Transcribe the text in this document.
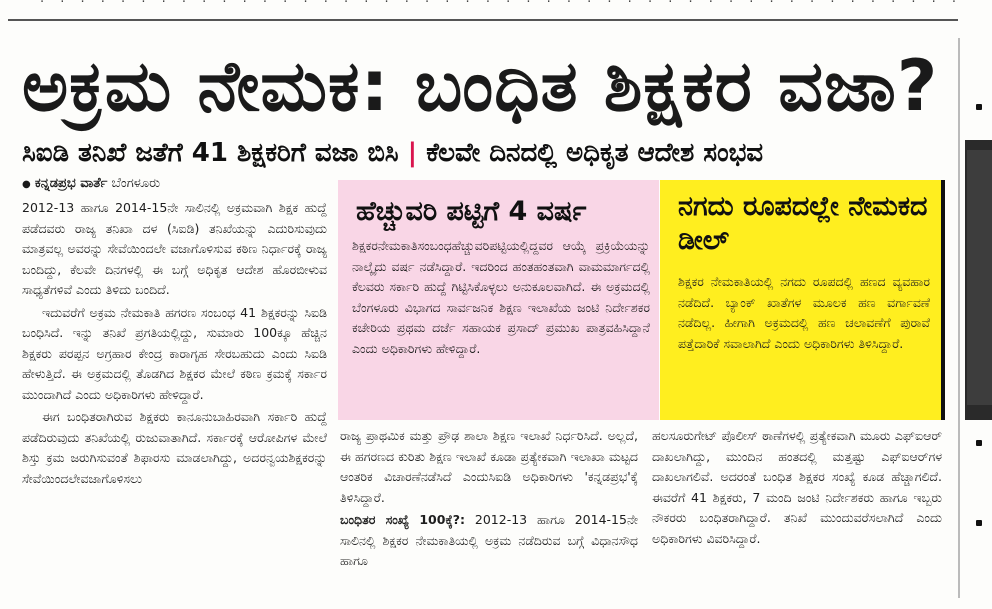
ಅಕ್ರಮ ನೇಮಕ: ಬಂಧಿತ ಶಿಕ್ಷಕರ ವಜಾ?
ಸಿಐಡಿ ತನಿಖೆ ಜತೆಗೆ 41 ಶಿಕ್ಷಕರಿಗೆ ವಜಾ ಬಿಸಿ | ಕೆಲವೇ ದಿನದಲ್ಲಿ ಅಧಿಕೃತ ಆದೇಶ ಸಂಭವ
● ಕನ್ನಡಪ್ರಭ ವಾರ್ತೆ ಬೆಂಗಳೂರು

2012-13 ಹಾಗೂ 2014-15ನೇ ಸಾಲಿನಲ್ಲಿ ಅಕ್ರಮವಾಗಿ ಶಿಕ್ಷಕ ಹುದ್ದೆ ಪಡೆದವರು ರಾಜ್ಯ ತನಿಖಾ ದಳ (ಸಿಐಡಿ) ತನಿಖೆಯನ್ನು ಎದುರಿಸುವುದು ಮಾತ್ರವಲ್ಲ ಅವರನ್ನು ಸೇವೆಯಿಂದಲೇ ವಜಾಗೊಳಿಸುವ ಕಠಿಣ ನಿರ್ಧಾರಕ್ಕೆ ರಾಜ್ಯ ಬಂದಿದ್ದು, ಕೆಲವೇ ದಿನಗಳಲ್ಲಿ ಈ ಬಗ್ಗೆ ಅಧಿಕೃತ ಆದೇಶ ಹೊರಬೀಳುವ ಸಾಧ್ಯತೆಗಳಿವೆ ಎಂದು ತಿಳಿದು ಬಂದಿದೆ.

ಇದುವರೆಗೆ ಅಕ್ರಮ ನೇಮಕಾತಿ ಹಗರಣ ಸಂಬಂಧ 41 ಶಿಕ್ಷಕರನ್ನು ಸಿಐಡಿ ಬಂಧಿಸಿದೆ. ಇನ್ನು ತನಿಖೆ ಪ್ರಗತಿಯಲ್ಲಿದ್ದು, ಸುಮಾರು 100ಕ್ಕೂ ಹೆಚ್ಚಿನ ಶಿಕ್ಷಕರು ಪರಪ್ಪನ ಅಗ್ರಹಾರ ಕೇಂದ್ರ ಕಾರಾಗೃಹ ಸೇರಬಹುದು ಎಂದು ಸಿಐಡಿ ಹೇಳುತ್ತಿದೆ. ಈ ಅಕ್ರಮದಲ್ಲಿ ತೊಡಗಿದ ಶಿಕ್ಷಕರ ಮೇಲೆ ಕಠಿಣ ಕ್ರಮಕ್ಕೆ ಸರ್ಕಾರ ಮುಂದಾಗಿದೆ ಎಂದು ಅಧಿಕಾರಿಗಳು ಹೇಳಿದ್ದಾರೆ.

ಈಗ ಬಂಧಿತರಾಗಿರುವ ಶಿಕ್ಷಕರು ಕಾನೂನುಬಾಹಿರವಾಗಿ ಸರ್ಕಾರಿ ಹುದ್ದೆ ಪಡೆದಿರುವುದು ತನಿಖೆಯಲ್ಲಿ ರುಜುವಾತಾಗಿದೆ. ಸರ್ಕಾರಕ್ಕೆ ಆರೋಪಿಗಳ ಮೇಲೆ ಶಿಸ್ತು ಕ್ರಮ ಜರುಗಿಸುವಂತೆ ಶಿಫಾರಸು ಮಾಡಲಾಗಿದ್ದು, ಅದರನ್ವಯಶಿಕ್ಷಕರನ್ನು ಸೇವೆಯಿಂದಲೇವಜಾಗೊಳಿಸಲು

ಹೆಚ್ಚುವರಿ ಪಟ್ಟಿಗೆ 4 ವರ್ಷ
ಶಿಕ್ಷಕರನೇಮಕಾತಿಸಂಬಂಧಹೆಚ್ಚುವರಿಪಟ್ಟಿಯಲ್ಲಿದ್ದವರ ಆಯ್ಕೆ ಪ್ರಕ್ರಿಯೆಯನ್ನು ನಾಲ್ಕೈದು ವರ್ಷ ನಡೆಸಿದ್ದಾರೆ. ಇದರಿಂದ ಹಂತಹಂತವಾಗಿ ವಾಮಮಾರ್ಗದಲ್ಲಿ ಕೆಲವರು ಸರ್ಕಾರಿ ಹುದ್ದೆ ಗಿಟ್ಟಿಸಿಕೊಳ್ಳಲು ಅನುಕೂಲವಾಗಿದೆ. ಈ ಅಕ್ರಮದಲ್ಲಿ ಬೆಂಗಳೂರು ವಿಭಾಗದ ಸಾರ್ವಜನಿಕ ಶಿಕ್ಷಣ ಇಲಾಖೆಯ ಜಂಟಿ ನಿರ್ದೇಶಕರ ಕಚೇರಿಯ ಪ್ರಥಮ ದರ್ಜೆ ಸಹಾಯಕ ಪ್ರಸಾದ್ ಪ್ರಮುಖ ಪಾತ್ರವಹಿಸಿದ್ದಾನೆ ಎಂದು ಅಧಿಕಾರಿಗಳು ಹೇಳಿದ್ದಾರೆ.
ನಗದು ರೂಪದಲ್ಲೇ ನೇಮಕದ ಡೀಲ್
ಶಿಕ್ಷಕರ ನೇಮಕಾತಿಯಲ್ಲಿ ನಗದು ರೂಪದಲ್ಲಿ ಹಣದ ವ್ಯವಹಾರ ನಡೆದಿದೆ. ಬ್ಯಾಂಕ್ ಖಾತೆಗಳ ಮೂಲಕ ಹಣ ವರ್ಗಾವಣೆ ನಡೆದಿಲ್ಲ. ಹೀಗಾಗಿ ಅಕ್ರಮದಲ್ಲಿ ಹಣ ಚಲಾವಣೆಗೆ ಪುರಾವೆ ಪತ್ತೆದಾರಿಕೆ ಸವಾಲಾಗಿದೆ ಎಂದು ಅಧಿಕಾರಿಗಳು ತಿಳಿಸಿದ್ದಾರೆ.

ರಾಜ್ಯ ಪ್ರಾಥಮಿಕ ಮತ್ತು ಪ್ರೌಢ ಶಾಲಾ ಶಿಕ್ಷಣ ಇಲಾಖೆ ನಿರ್ಧರಿಸಿದೆ. ಅಲ್ಲದೆ, ಈ ಹಗರಣದ ಕುರಿತು ಶಿಕ್ಷಣ ಇಲಾಖೆ ಕೂಡಾ ಪ್ರತ್ಯೇಕವಾಗಿ ಇಲಾಖಾ ಮಟ್ಟದ ಆಂತರಿಕ ವಿಚಾರಣೆನಡೆಸಿದೆ ಎಂದುಸಿಐಡಿ ಅಧಿಕಾರಿಗಳು 'ಕನ್ನಡಪ್ರಭ'ಕ್ಕೆ ತಿಳಿಸಿದ್ದಾರೆ.

ಬಂಧಿತರ ಸಂಖ್ಯೆ 100ಕ್ಕೆ?: 2012-13 ಹಾಗೂ 2014-15ನೇ ಸಾಲಿನಲ್ಲಿ ಶಿಕ್ಷಕರ ನೇಮಕಾತಿಯಲ್ಲಿ ಅಕ್ರಮ ನಡೆದಿರುವ ಬಗ್ಗೆ ವಿಧಾನಸೌಧ ಹಾಗೂ

ಹಲಸೂರುಗೇಟ್ ಪೊಲೀಸ್ ಠಾಣೆಗಳಲ್ಲಿ ಪ್ರತ್ಯೇಕವಾಗಿ ಮೂರು ಎಫ್‌ಐಆರ್ ದಾಖಲಾಗಿದ್ದು, ಮುಂದಿನ ಹಂತದಲ್ಲಿ ಮತ್ತಷ್ಟು ಎಫ್‌ಐಆರ್‌ಗಳ ದಾಖಲಾಗಲಿವೆ. ಅದರಂತೆ ಬಂಧಿತ ಶಿಕ್ಷಕರ ಸಂಖ್ಯೆ ಕೂಡ ಹೆಚ್ಚಾಗಲಿದೆ. ಈವರೆಗೆ 41 ಶಿಕ್ಷಕರು, 7 ಮಂದಿ ಜಂಟಿ ನಿರ್ದೇಶಕರು ಹಾಗೂ ಇಬ್ಬರು ನೌಕರರು ಬಂಧಿತರಾಗಿದ್ದಾರೆ. ತನಿಖೆ ಮುಂದುವರೆಸಲಾಗಿದೆ ಎಂದು ಅಧಿಕಾರಿಗಳು ವಿವರಿಸಿದ್ದಾರೆ.
